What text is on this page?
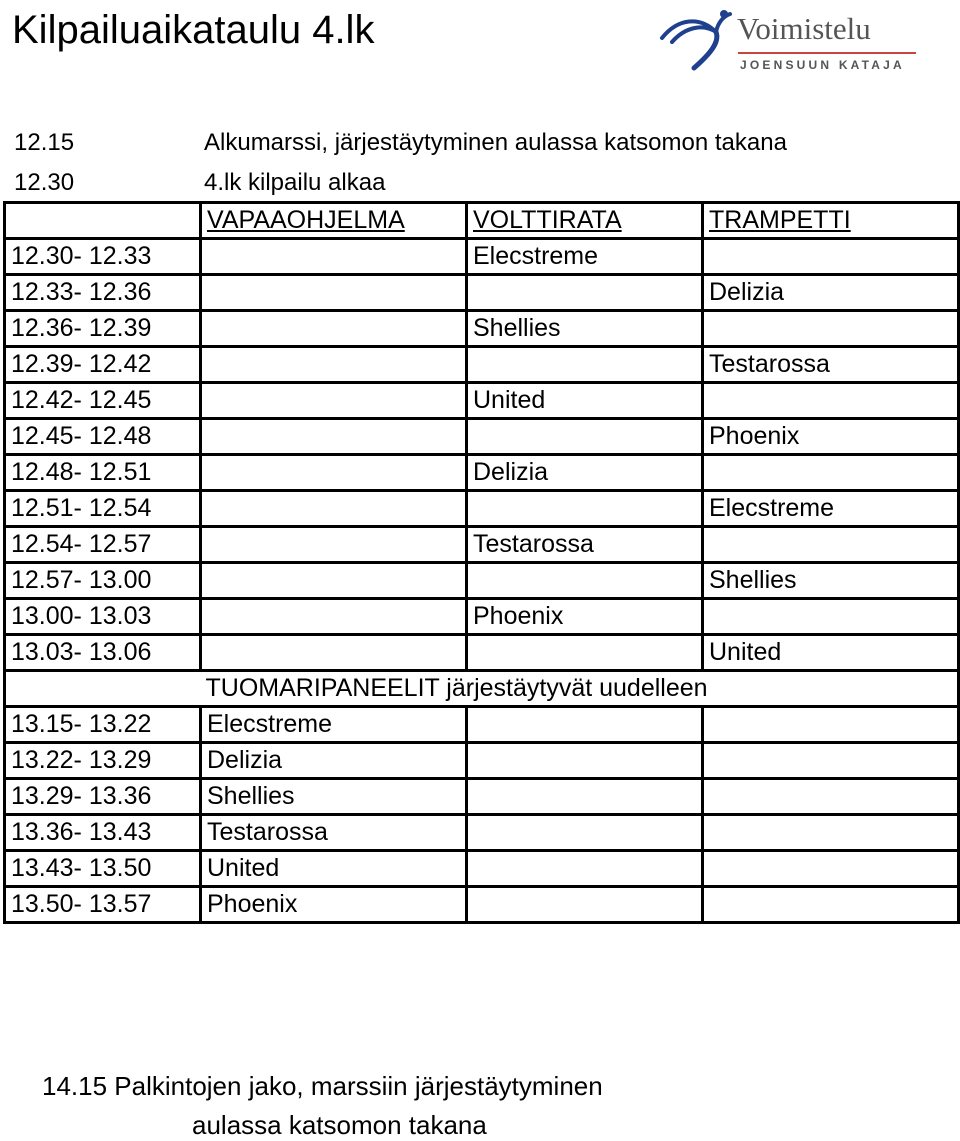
Kilpailuaikataulu 4.lk	Voimistelu
JOENSUUN KATAJA
12.15	Alkumarssi, järjestäytyminen aulassa katsomon takana
12.30	4.lk kilpailu alkaa
	VAPAAOHJELMA	VOLTTIRATA	TRAMPETTI
12.30- 12.33		Elecstreme	
12.33- 12.36			Delizia
12.36- 12.39		Shellies	
12.39- 12.42			Testarossa
12.42- 12.45		United	
12.45- 12.48			Phoenix
12.48- 12.51		Delizia	
12.51- 12.54			Elecstreme
12.54- 12.57		Testarossa	
12.57- 13.00			Shellies
13.00- 13.03		Phoenix	
13.03- 13.06			United
	TUOMARIPANEELIT järjestäytyvät uudelleen		
13.15- 13.22	Elecstreme		
13.22- 13.29	Delizia		
13.29- 13.36	Shellies		
13.36- 13.43	Testarossa		
13.43- 13.50	United		
13.50- 13.57	Phoenix		
14.15 Palkintojen jako, marssiin järjestäytyminen
aulassa katsomon takana
